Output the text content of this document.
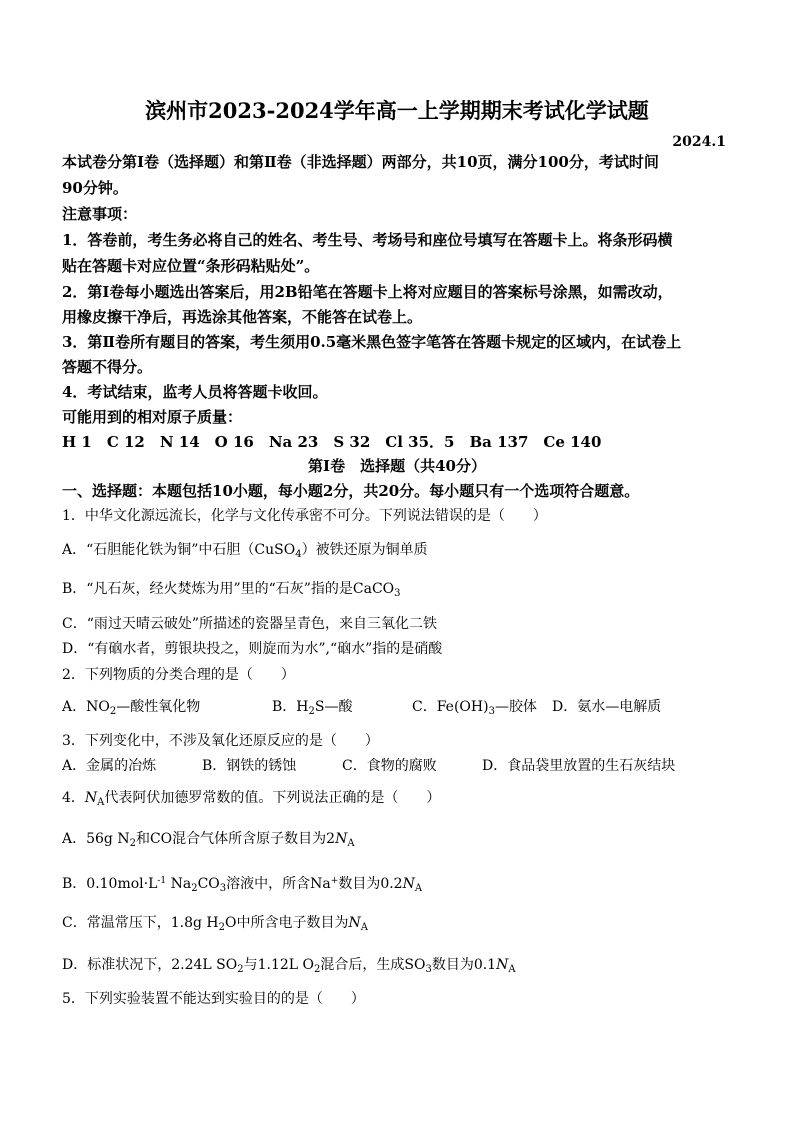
滨州市2023-2024学年高一上学期期末考试化学试题
2024.1
本试卷分第Ⅰ卷（选择题）和第Ⅱ卷（非选择题）两部分，共10页，满分100分，考试时间
90分钟。
注意事项：
1．答卷前，考生务必将自己的姓名、考生号、考场号和座位号填写在答题卡上。将条形码横
贴在答题卡对应位置“条形码粘贴处”。
2．第Ⅰ卷每小题选出答案后，用2B铅笔在答题卡上将对应题目的答案标号涂黑，如需改动，
用橡皮擦干净后，再选涂其他答案，不能答在试卷上。
3．第Ⅱ卷所有题目的答案，考生须用0.5毫米黑色签字笔答在答题卡规定的区域内，在试卷上
答题不得分。
4．考试结束，监考人员将答题卡收回。
可能用到的相对原子质量：
H 1　C 12　N 14　O 16　Na 23　S 32　Cl 35．5　Ba 137　Ce 140
第Ⅰ卷　选择题（共40分）
一、选择题：本题包括10小题，每小题2分，共20分。每小题只有一个选项符合题意。
1．中华文化源远流长，化学与文化传承密不可分。下列说法错误的是（　　）
A．“石胆能化铁为铜”中石胆（CuSO$_4$）被铁还原为铜单质
B．“凡石灰，经火焚炼为用”里的“石灰”指的是CaCO$_3$
C．“雨过天晴云破处”所描述的瓷器呈青色，来自三氧化二铁
D．“有硇水者，剪银块投之，则旋而为水”,“硇水”指的是硝酸
2．下列物质的分类合理的是（　　）
A．$NO_2—$酸性氧化物	B．$H_2S—$酸	C．$Fe(OH)_3—$胶体 D．氨水—电解质
3．下列变化中，不涉及氧化还原反应的是（　　）
A．金属的冶炼	B．钢铁的锈蚀	C．食物的腐败	D．食品袋里放置的生石灰结块
4．$N_A$代表阿伏加德罗常数的值。下列说法正确的是（　　）
A．56g $N_2$和CO混合气体所含原子数目为$2N_A$
B．$0.10mol\cdot L^{-1}$ $Na_2CO_3$溶液中，所含Na+数目为$0.2N_A$
C．常温常压下，1.8g $H_2O$中所含电子数目为$N_A$
D．标准状况下，2.24L $SO_2$与1.12L $O_2$混合后，生成$SO_3$数目为$0.1N_A$
5．下列实验装置不能达到实验目的的是（　　）
